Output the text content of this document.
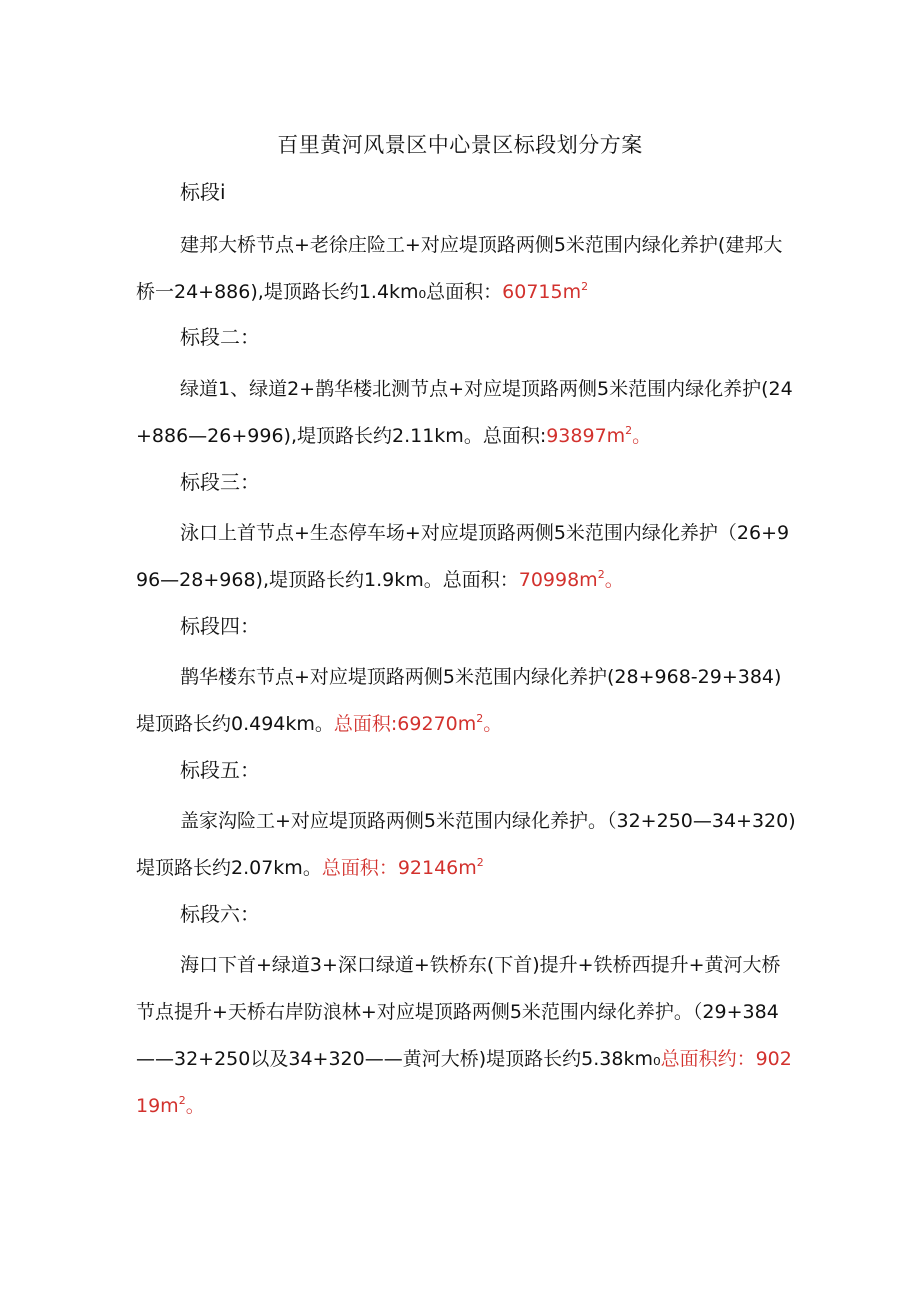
百里黄河风景区中心景区标段划分方案
标段i
建邦大桥节点+老徐庄险工+对应堤顶路两侧5米范围内绿化养护(建邦大桥一24+886),堤顶路长约1.4km₀总面积：$60715m^2$
标段二：
绿道1、绿道2+鹊华楼北测节点+对应堤顶路两侧5米范围内绿化养护(24+886—26+996),堤顶路长约2.11km。总面积$:93897m^2$。
标段三：
泳口上首节点+生态停车场+对应堤顶路两侧5米范围内绿化养护（26+996—28+968),堤顶路长约1.9km。总面积：$70998m^2$。
标段四：
鹊华楼东节点+对应堤顶路两侧5米范围内绿化养护(28+968-29+384)堤顶路长约0.494km。总面积$:69270m^2$。
标段五：
盖家沟险工+对应堤顶路两侧5米范围内绿化养护。（32+250—34+320)堤顶路长约2.07km。总面积：$92146m^2$
标段六：
海口下首+绿道3+深口绿道+铁桥东(下首)提升+铁桥西提升+黄河大桥节点提升+天桥右岸防浪林+对应堤顶路两侧5米范围内绿化养护。（29+384——32+250以及34+320——黄河大桥)堤顶路长约5.38km₀总面积约：$90219m^2$。
